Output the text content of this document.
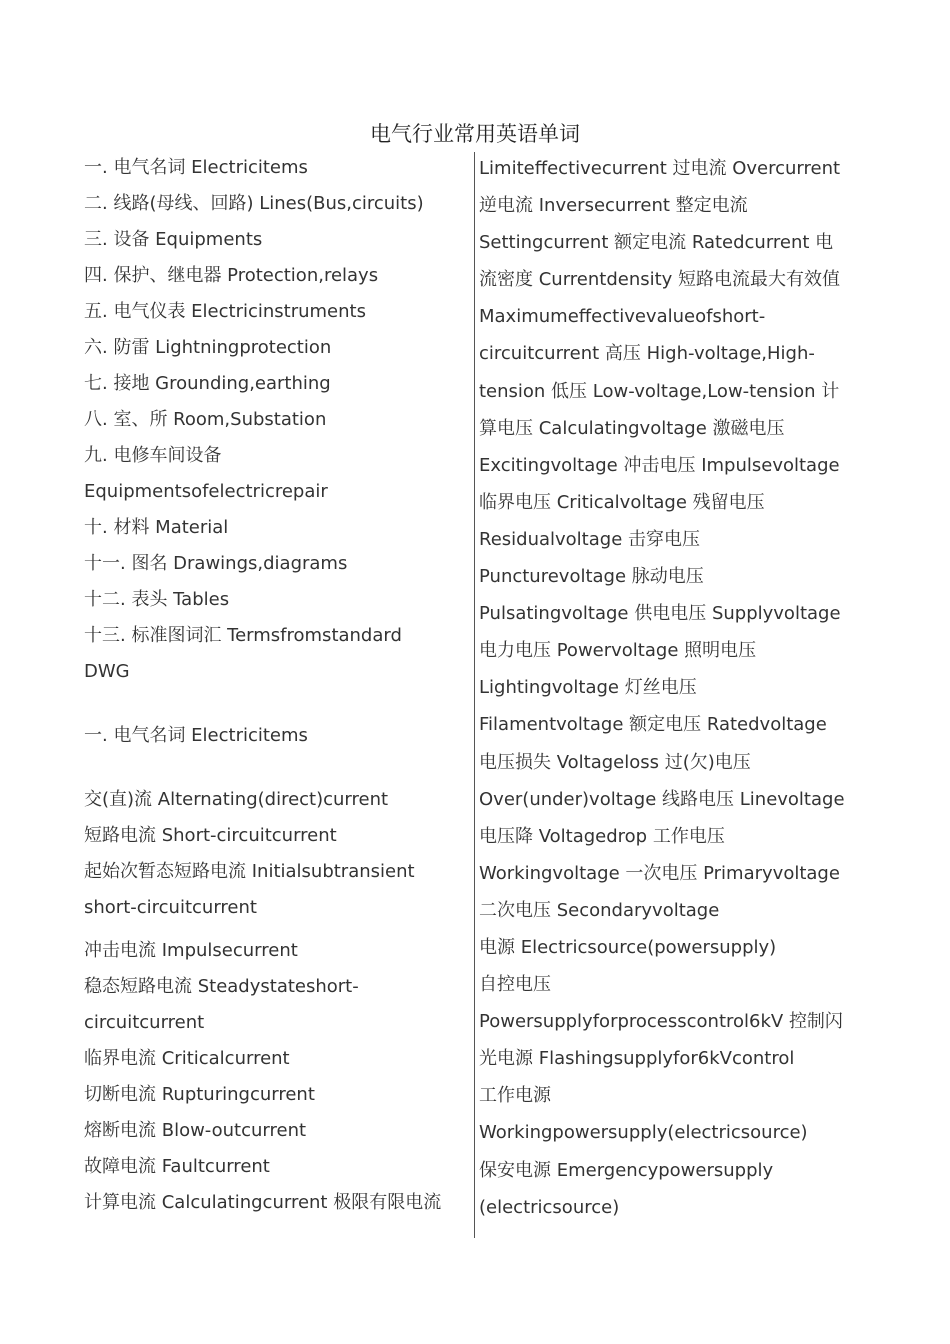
电气行业常用英语单词
一. 电气名词 Electricitems
二. 线路(母线、回路) Lines(Bus,circuits)
三. 设备 Equipments
四. 保护、继电器 Protection,relays
五. 电气仪表 Electricinstruments
六. 防雷 Lightningprotection
七. 接地 Grounding,earthing
八. 室、所 Room,Substation
九. 电修车间设备
Equipmentsofelectricrepair
十. 材料 Material
十一. 图名 Drawings,diagrams
十二. 表头 Tables
十三. 标准图词汇 Termsfromstandard
DWG
一. 电气名词 Electricitems
交(直)流 Alternating(direct)current
短路电流 Short-circuitcurrent
起始次暂态短路电流 Initialsubtransient
short-circuitcurrent
冲击电流 Impulsecurrent
稳态短路电流 Steadystateshort-
circuitcurrent
临界电流 Criticalcurrent
切断电流 Rupturingcurrent
熔断电流 Blow-outcurrent
故障电流 Faultcurrent
计算电流 Calculatingcurrent 极限有限电流
Limiteffectivecurrent 过电流 Overcurrent
逆电流 Inversecurrent 整定电流
Settingcurrent 额定电流 Ratedcurrent 电
流密度 Currentdensity 短路电流最大有效值
Maximumeffectivevalueofshort-
circuitcurrent 高压 High-voltage,High-
tension 低压 Low-voltage,Low-tension 计
算电压 Calculatingvoltage 激磁电压
Excitingvoltage 冲击电压 Impulsevoltage
临界电压 Criticalvoltage 残留电压
Residualvoltage 击穿电压
Puncturevoltage 脉动电压
Pulsatingvoltage 供电电压 Supplyvoltage
电力电压 Powervoltage 照明电压
Lightingvoltage 灯丝电压
Filamentvoltage 额定电压 Ratedvoltage
电压损失 Voltageloss 过(欠)电压
Over(under)voltage 线路电压 Linevoltage
电压降 Voltagedrop 工作电压
Workingvoltage 一次电压 Primaryvoltage
二次电压 Secondaryvoltage
电源 Electricsource(powersupply)
自控电压
Powersupplyforprocesscontrol6kV 控制闪
光电源 Flashingsupplyfor6kVcontrol
工作电源
Workingpowersupply(electricsource)
保安电源 Emergencypowersupply
(electricsource)
